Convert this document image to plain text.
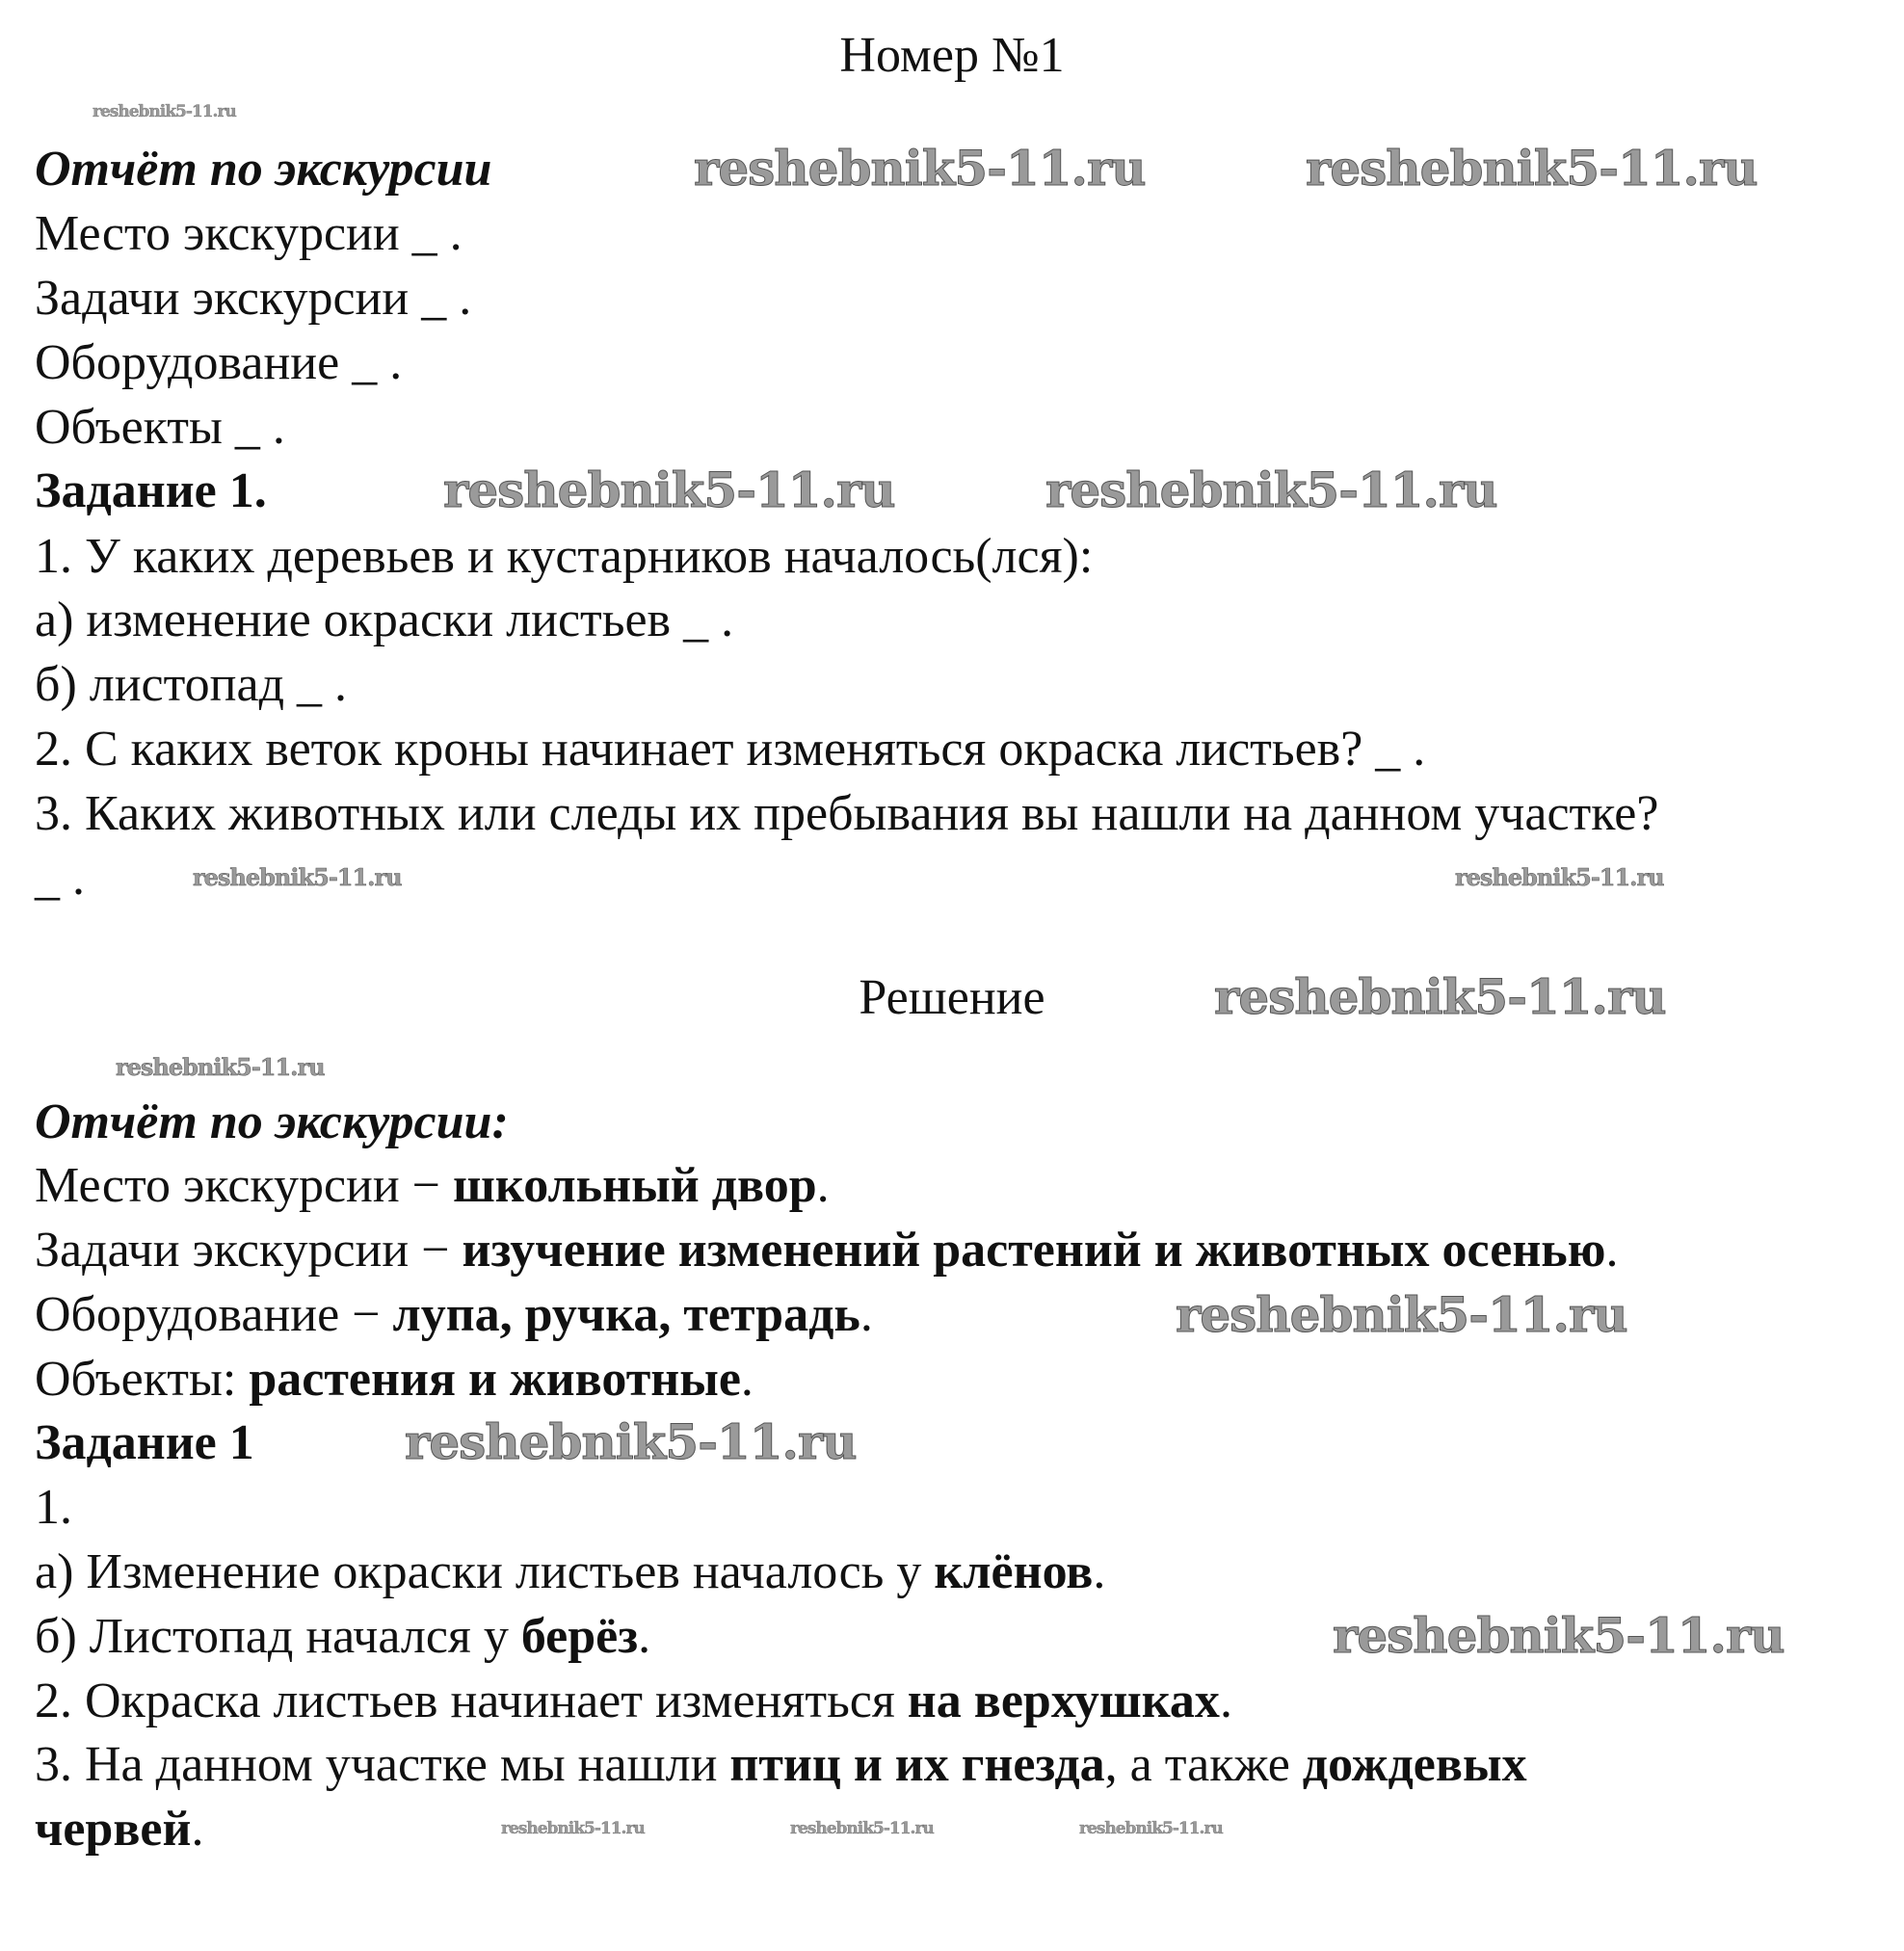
Номер №1
Отчёт по экскурсии
Место экскурсии _ .
Задачи экскурсии _ .
Оборудование _ .
Объекты _ .
Задание 1.
1. У каких деревьев и кустарников началось(лся):
а) изменение окраски листьев _ .
б) листопад _ .
2. С каких веток кроны начинает изменяться окраска листьев? _ .
3. Каких животных или следы их пребывания вы нашли на данном участке?
_ .
Решение
Отчёт по экскурсии:
Место экскурсии − школьный двор.
Задачи экскурсии − изучение изменений растений и животных осенью.
Оборудование − лупа, ручка, тетрадь.
Объекты: растения и животные.
Задание 1
1.
а) Изменение окраски листьев началось у клёнов.
б) Листопад начался у берёз.
2. Окраска листьев начинает изменяться на верхушках.
3. На данном участке мы нашли птиц и их гнезда, а также дождевых
червей.
reshebnik5-11.ru
reshebnik5-11.ru	reshebnik5-11.ru
reshebnik5-11.ru	reshebnik5-11.ru
reshebnik5-11.ru	reshebnik5-11.ru
reshebnik5-11.ru
reshebnik5-11.ru
reshebnik5-11.ru
reshebnik5-11.ru
reshebnik5-11.ru
reshebnik5-11.ru	reshebnik5-11.ru	reshebnik5-11.ru
